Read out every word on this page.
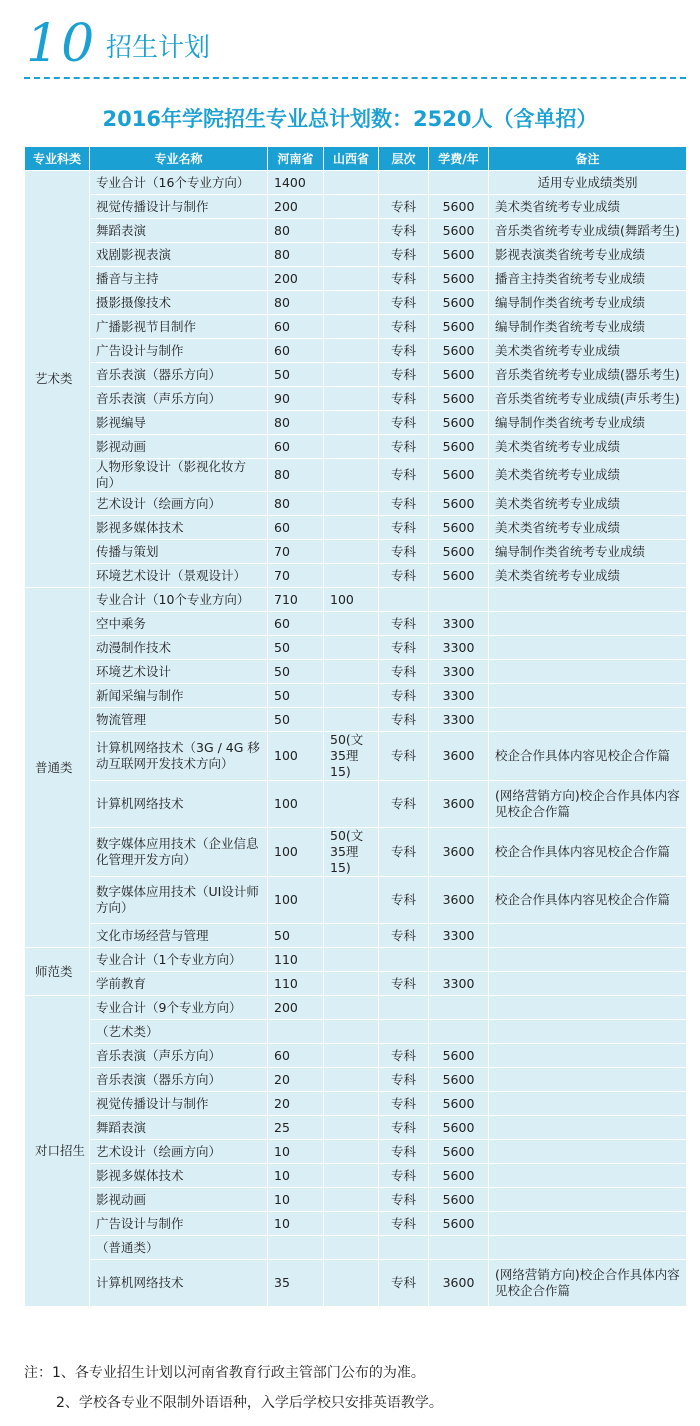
10 招生计划
2016年学院招生专业总计划数：2520人（含单招）
专业科类	专业名称	河南省	山西省	层次	学费/年	备注
艺术类	专业合计（16个专业方向）	1400				适用专业成绩类别
	视觉传播设计与制作	200		专科	5600	美术类省统考专业成绩
	舞蹈表演	80		专科	5600	音乐类省统考专业成绩(舞蹈考生)
	戏剧影视表演	80		专科	5600	影视表演类省统考专业成绩
	播音与主持	200		专科	5600	播音主持类省统考专业成绩
	摄影摄像技术	80		专科	5600	编导制作类省统考专业成绩
	广播影视节目制作	60		专科	5600	编导制作类省统考专业成绩
	广告设计与制作	60		专科	5600	美术类省统考专业成绩
	音乐表演（器乐方向）	50		专科	5600	音乐类省统考专业成绩(器乐考生)
	音乐表演（声乐方向）	90		专科	5600	音乐类省统考专业成绩(声乐考生)
	影视编导	80		专科	5600	编导制作类省统考专业成绩
	影视动画	60		专科	5600	美术类省统考专业成绩
	人物形象设计（影视化妆方向）	80		专科	5600	美术类省统考专业成绩
	艺术设计（绘画方向）	80		专科	5600	美术类省统考专业成绩
	影视多媒体技术	60		专科	5600	美术类省统考专业成绩
	传播与策划	70		专科	5600	编导制作类省统考专业成绩
	环境艺术设计（景观设计）	70		专科	5600	美术类省统考专业成绩
普通类	专业合计（10个专业方向）	710	100			
	空中乘务	60		专科	3300	
	动漫制作技术	50		专科	3300	
	环境艺术设计	50		专科	3300	
	新闻采编与制作	50		专科	3300	
	物流管理	50		专科	3300	
	计算机网络技术（3G / 4G 移动互联网开发技术方向）	100	50(文35理15)	专科	3600	校企合作具体内容见校企合作篇
	计算机网络技术	100		专科	3600	(网络营销方向)校企合作具体内容见校企合作篇
	数字媒体应用技术（企业信息化管理开发方向）	100	50(文35理15)	专科	3600	校企合作具体内容见校企合作篇
	数字媒体应用技术（UI设计师方向）	100		专科	3600	校企合作具体内容见校企合作篇
	文化市场经营与管理	50		专科	3300	
师范类	专业合计（1个专业方向）	110				
	学前教育	110		专科	3300	
对口招生	专业合计（9个专业方向）	200				
	（艺术类）					
	音乐表演（声乐方向）	60		专科	5600	
	音乐表演（器乐方向）	20		专科	5600	
	视觉传播设计与制作	20		专科	5600	
	舞蹈表演	25		专科	5600	
	艺术设计（绘画方向）	10		专科	5600	
	影视多媒体技术	10		专科	5600	
	影视动画	10		专科	5600	
	广告设计与制作	10		专科	5600	
	（普通类）					
	计算机网络技术	35		专科	3600	(网络营销方向)校企合作具体内容见校企合作篇
注：1、各专业招生计划以河南省教育行政主管部门公布的为准。
2、学校各专业不限制外语语种，入学后学校只安排英语教学。
